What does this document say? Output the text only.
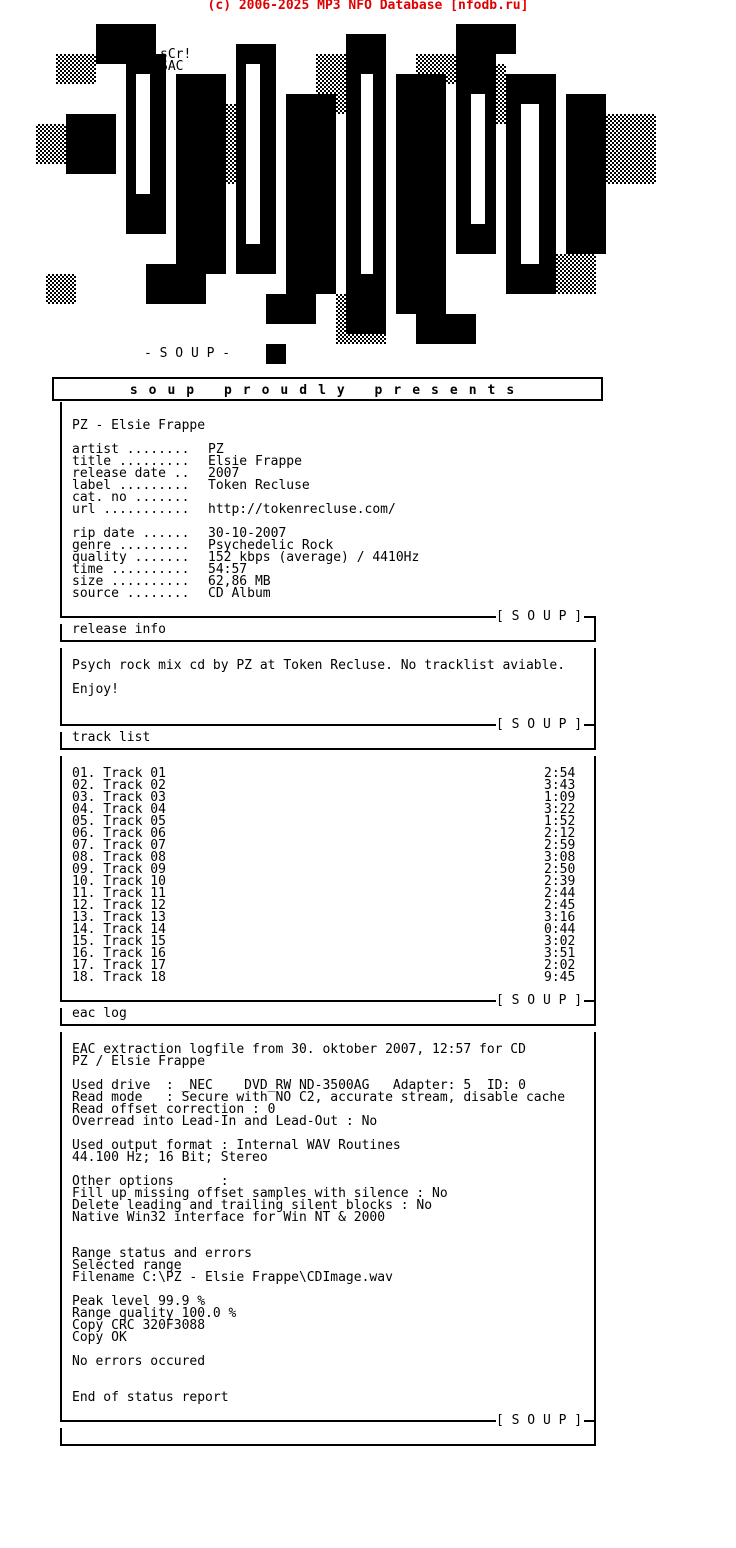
(c) 2006-2025 MP3 NFO Database [nfodb.ru]
sCr!
SAC
- S O U P -
soup proudly presents
PZ - Elsie Frappe
artist ........ PZ
title ......... Elsie Frappe
release date .. 2007
label ......... Token Recluse
cat. no .......
url ........... http://tokenrecluse.com/
rip date ...... 30-10-2007
genre ......... Psychedelic Rock
quality ....... 152 kbps (average) / 4410Hz
time .......... 54:57
size .......... 62,86 MB
source ........ CD Album
[ S O U P ]
release info
Psych rock mix cd by PZ at Token Recluse. No tracklist aviable.
Enjoy!
[ S O U P ]
track list
01. Track 01	2:54
02. Track 02	3:43
03. Track 03	1:09
04. Track 04	3:22
05. Track 05	1:52
06. Track 06	2:12
07. Track 07	2:59
08. Track 08	3:08
09. Track 09	2:50
10. Track 10	2:39
11. Track 11	2:44
12. Track 12	2:45
13. Track 13	3:16
14. Track 14	0:44
15. Track 15	3:02
16. Track 16	3:51
17. Track 17	2:02
18. Track 18	9:45
[ S O U P ]
eac log
EAC extraction logfile from 30. oktober 2007, 12:57 for CD
PZ / Elsie Frappe
Used drive  : _NEC    DVD_RW ND-3500AG   Adapter: 5  ID: 0
Read mode   : Secure with NO C2, accurate stream, disable cache
Read offset correction : 0
Overread into Lead-In and Lead-Out : No
Used output format : Internal WAV Routines
44.100 Hz; 16 Bit; Stereo
Other options      :
Fill up missing offset samples with silence : No
Delete leading and trailing silent blocks : No
Native Win32 interface for Win NT & 2000
Range status and errors
Selected range
Filename C:\PZ - Elsie Frappe\CDImage.wav
Peak level 99.9 %
Range quality 100.0 %
Copy CRC 320F3088
Copy OK
No errors occured
End of status report
[ S O U P ]
